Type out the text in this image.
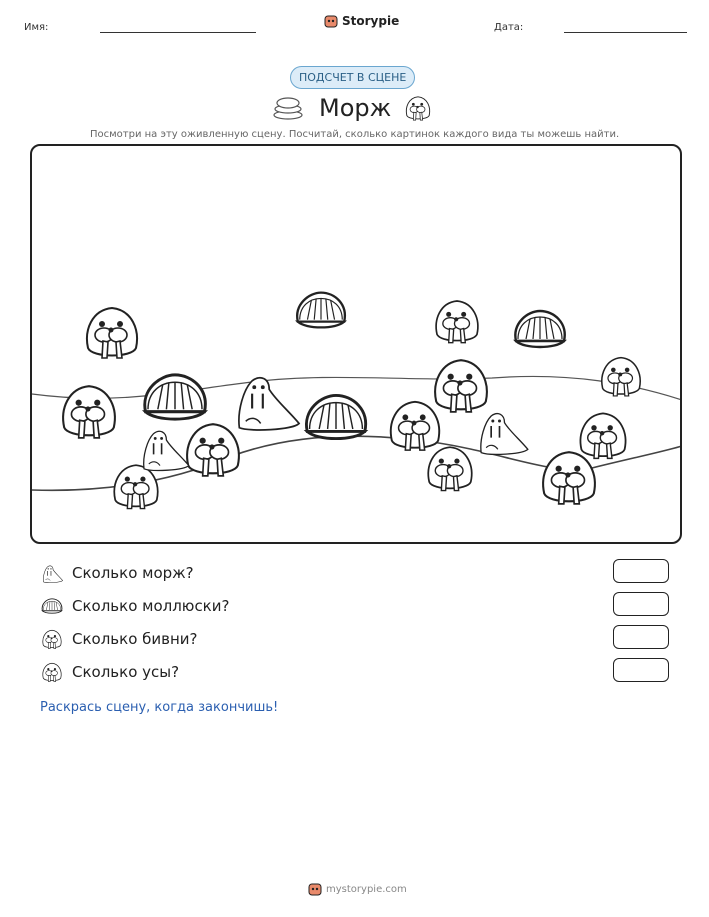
Имя:	Storypie	Дата:
ПОДСЧЕТ В СЦЕНЕ
Морж
Посмотри на эту оживленную сцену. Посчитай, сколько картинок каждого вида ты можешь найти.
Сколько морж?
Сколько моллюски?
Сколько бивни?
Сколько усы?
Раскрась сцену, когда закончишь!
mystorypie.com
